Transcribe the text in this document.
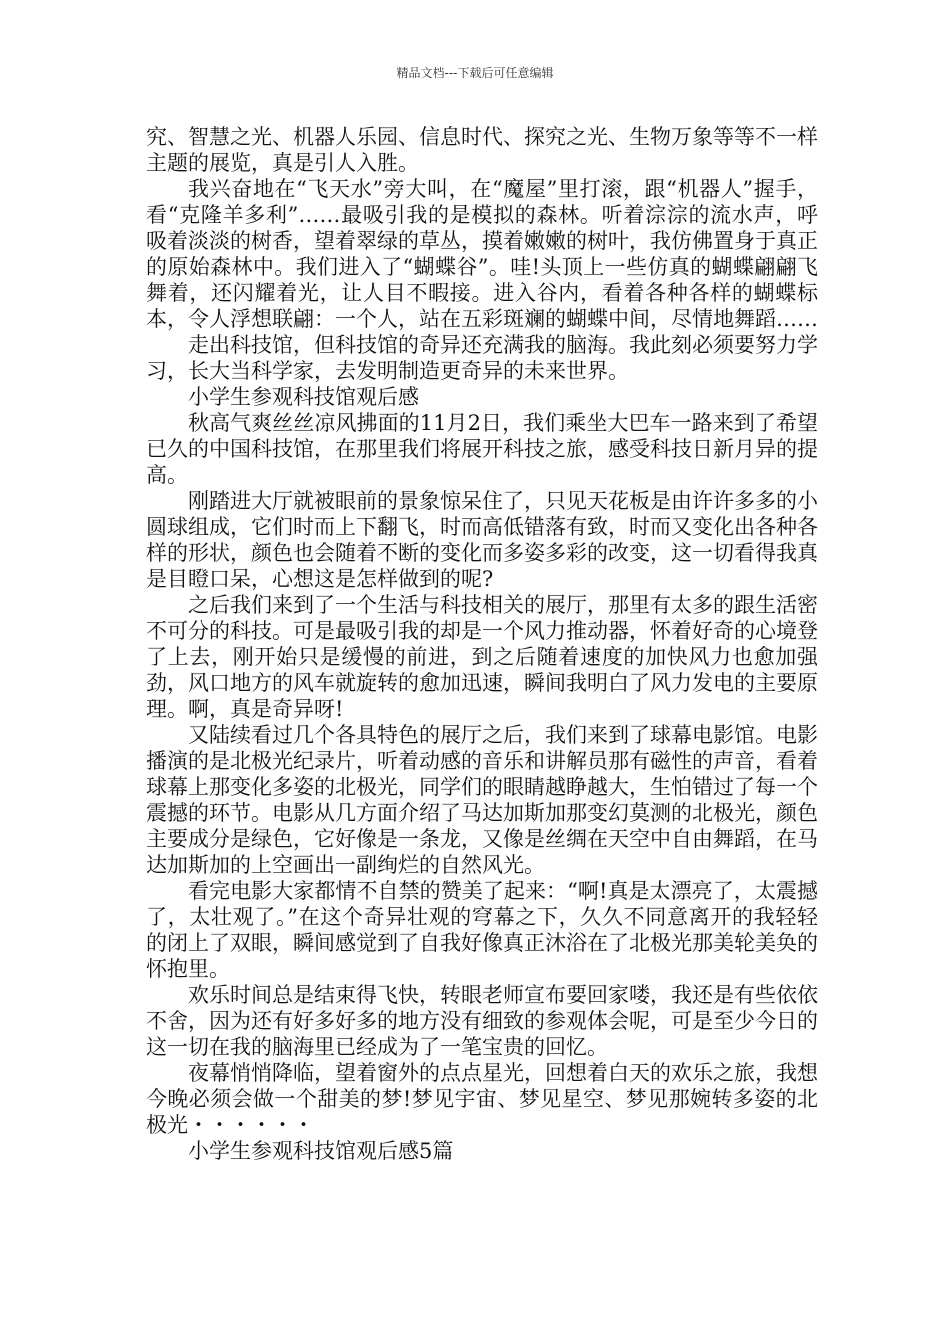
精品文档---下载后可任意编辑

究、智慧之光、机器人乐园、信息时代、探究之光、生物万象等等不一样主题的展览，真是引人入胜。

我兴奋地在“飞天水”旁大叫，在“魔屋”里打滚，跟“机器人”握手，看“克隆羊多利”……最吸引我的是模拟的森林。听着淙淙的流水声，呼吸着淡淡的树香，望着翠绿的草丛，摸着嫩嫩的树叶，我仿佛置身于真正的原始森林中。我们进入了“蝴蝶谷”。哇!头顶上一些仿真的蝴蝶翩翩飞舞着，还闪耀着光，让人目不暇接。进入谷内，看着各种各样的蝴蝶标本，令人浮想联翩：一个人，站在五彩斑斓的蝴蝶中间，尽情地舞蹈……

走出科技馆，但科技馆的奇异还充满我的脑海。我此刻必须要努力学习，长大当科学家，去发明制造更奇异的未来世界。

小学生参观科技馆观后感

秋高气爽丝丝凉风拂面的11月2日，我们乘坐大巴车一路来到了希望已久的中国科技馆，在那里我们将展开科技之旅，感受科技日新月异的提高。

刚踏进大厅就被眼前的景象惊呆住了，只见天花板是由许许多多的小圆球组成，它们时而上下翻飞，时而高低错落有致，时而又变化出各种各样的形状，颜色也会随着不断的变化而多姿多彩的改变，这一切看得我真是目瞪口呆，心想这是怎样做到的呢?

之后我们来到了一个生活与科技相关的展厅，那里有太多的跟生活密不可分的科技。可是最吸引我的却是一个风力推动器，怀着好奇的心境登了上去，刚开始只是缓慢的前进，到之后随着速度的加快风力也愈加强劲，风口地方的风车就旋转的愈加迅速，瞬间我明白了风力发电的主要原理。啊，真是奇异呀!

又陆续看过几个各具特色的展厅之后，我们来到了球幕电影馆。电影播演的是北极光纪录片，听着动感的音乐和讲解员那有磁性的声音，看着球幕上那变化多姿的北极光，同学们的眼睛越睁越大，生怕错过了每一个震撼的环节。电影从几方面介绍了马达加斯加那变幻莫测的北极光，颜色主要成分是绿色，它好像是一条龙，又像是丝绸在天空中自由舞蹈，在马达加斯加的上空画出一副绚烂的自然风光。

看完电影大家都情不自禁的赞美了起来：“啊!真是太漂亮了，太震撼了，太壮观了。”在这个奇异壮观的穹幕之下，久久不同意离开的我轻轻的闭上了双眼，瞬间感觉到了自我好像真正沐浴在了北极光那美轮美奂的怀抱里。

欢乐时间总是结束得飞快，转眼老师宣布要回家喽，我还是有些依依不舍，因为还有好多好多的地方没有细致的参观体会呢，可是至少今日的这一切在我的脑海里已经成为了一笔宝贵的回忆。

夜幕悄悄降临，望着窗外的点点星光，回想着白天的欢乐之旅，我想今晚必须会做一个甜美的梦!梦见宇宙、梦见星空、梦见那婉转多姿的北极光・・・・・・

小学生参观科技馆观后感5篇
